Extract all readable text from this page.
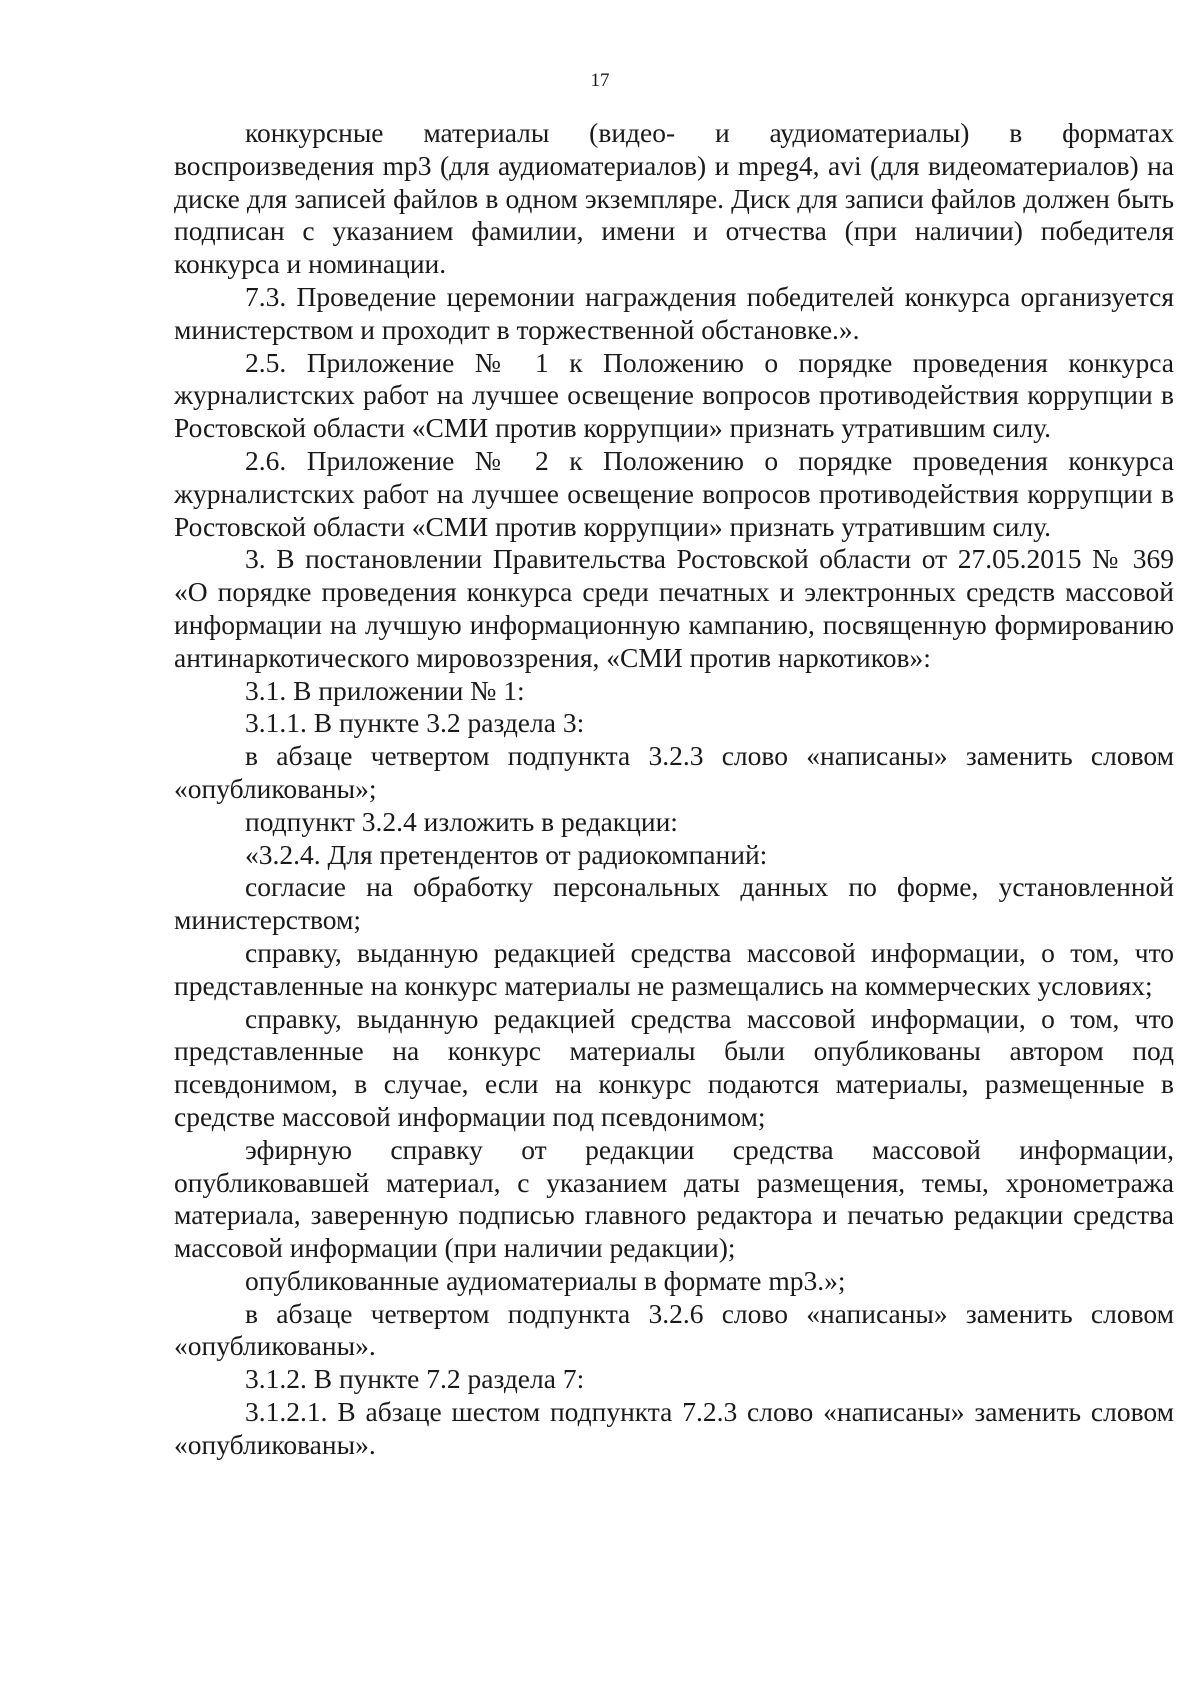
17

конкурсные материалы (видео- и аудиоматериалы) в форматах воспроизведения mp3 (для аудиоматериалов) и mpeg4, avi (для видеоматериалов) на диске для записей файлов в одном экземпляре. Диск для записи файлов должен быть подписан с указанием фамилии, имени и отчества (при наличии) победителя конкурса и номинации.

7.3. Проведение церемонии награждения победителей конкурса организуется министерством и проходит в торжественной обстановке.».

2.5. Приложение № 1 к Положению о порядке проведения конкурса журналистских работ на лучшее освещение вопросов противодействия коррупции в Ростовской области «СМИ против коррупции» признать утратившим силу.

2.6. Приложение № 2 к Положению о порядке проведения конкурса журналистских работ на лучшее освещение вопросов противодействия коррупции в Ростовской области «СМИ против коррупции» признать утратившим силу.

3. В постановлении Правительства Ростовской области от 27.05.2015 № 369 «О порядке проведения конкурса среди печатных и электронных средств массовой информации на лучшую информационную кампанию, посвященную формированию антинаркотического мировоззрения, «СМИ против наркотиков»:

3.1. В приложении № 1:

3.1.1. В пункте 3.2 раздела 3:

в абзаце четвертом подпункта 3.2.3 слово «написаны» заменить словом «опубликованы»;

подпункт 3.2.4 изложить в редакции:

«3.2.4. Для претендентов от радиокомпаний:

согласие на обработку персональных данных по форме, установленной министерством;

справку, выданную редакцией средства массовой информации, о том, что представленные на конкурс материалы не размещались на коммерческих условиях;

справку, выданную редакцией средства массовой информации, о том, что представленные на конкурс материалы были опубликованы автором под псевдонимом, в случае, если на конкурс подаются материалы, размещенные в средстве массовой информации под псевдонимом;

эфирную справку от редакции средства массовой информации, опубликовавшей материал, с указанием даты размещения, темы, хронометража материала, заверенную подписью главного редактора и печатью редакции средства массовой информации (при наличии редакции);

опубликованные аудиоматериалы в формате mp3.»;

в абзаце четвертом подпункта 3.2.6 слово «написаны» заменить словом «опубликованы».

3.1.2. В пункте 7.2 раздела 7:

3.1.2.1. В абзаце шестом подпункта 7.2.3 слово «написаны» заменить словом «опубликованы».
